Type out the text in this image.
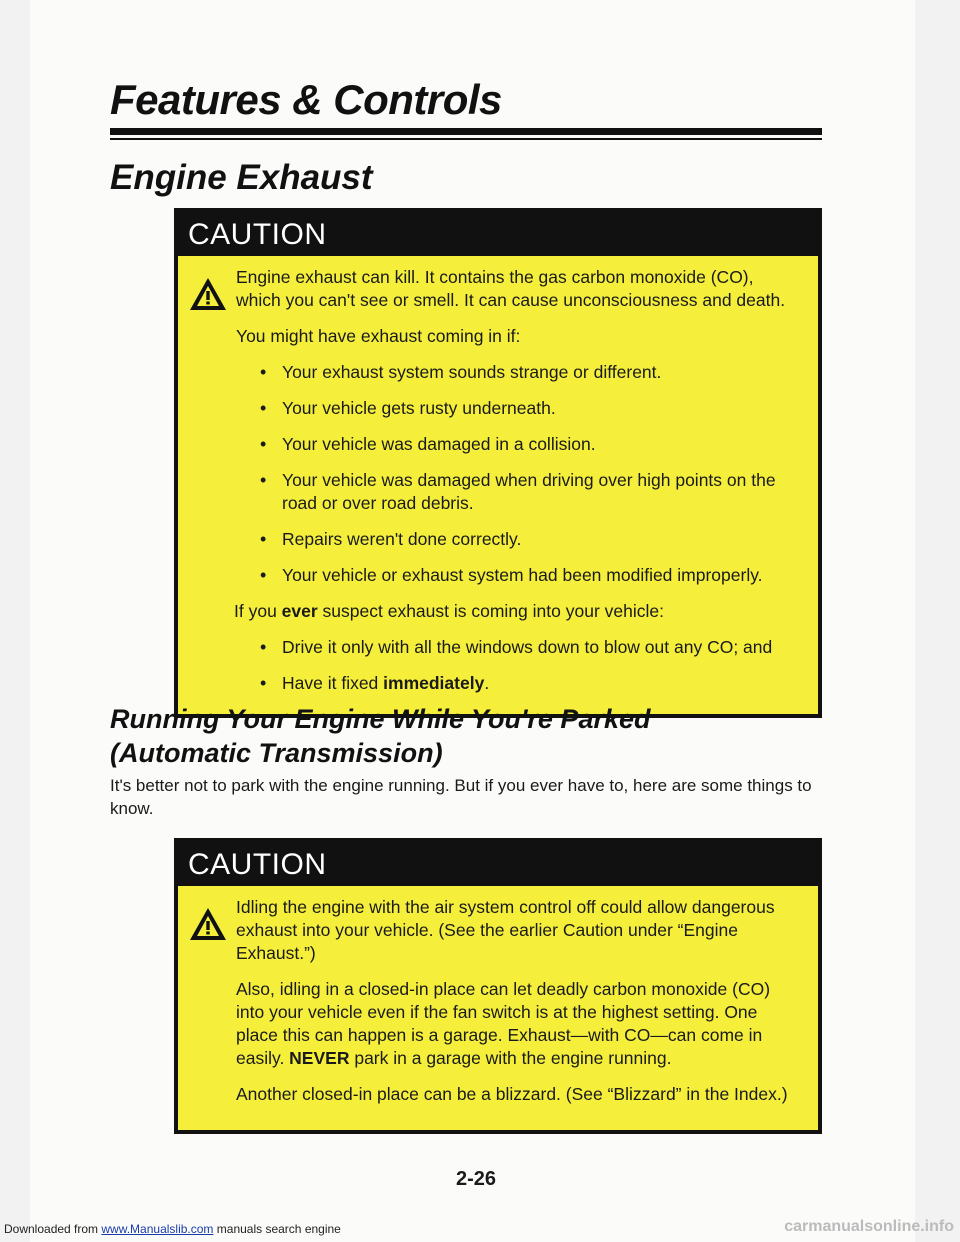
Features & Controls
Engine Exhaust
CAUTION

Engine exhaust can kill. It contains the gas carbon monoxide (CO), which you can't see or smell. It can cause unconsciousness and death.

You might have exhaust coming in if:

• Your exhaust system sounds strange or different.
• Your vehicle gets rusty underneath.
• Your vehicle was damaged in a collision.
• Your vehicle was damaged when driving over high points on the road or over road debris.
• Repairs weren't done correctly.
• Your vehicle or exhaust system had been modified improperly.

If you ever suspect exhaust is coming into your vehicle:

• Drive it only with all the windows down to blow out any CO; and
• Have it fixed immediately.
Running Your Engine While You're Parked
(Automatic Transmission)

It's better not to park with the engine running. But if you ever have to, here are some things to know.

CAUTION

Idling the engine with the air system control off could allow dangerous exhaust into your vehicle. (See the earlier Caution under “Engine Exhaust.”)

Also, idling in a closed-in place can let deadly carbon monoxide (CO) into your vehicle even if the fan switch is at the highest setting. One place this can happen is a garage. Exhaust—with CO—can come in easily. NEVER park in a garage with the engine running.

Another closed-in place can be a blizzard. (See “Blizzard” in the Index.)

2-26
Downloaded from www.Manualslib.com manuals search engine	carmanualsonline.info
